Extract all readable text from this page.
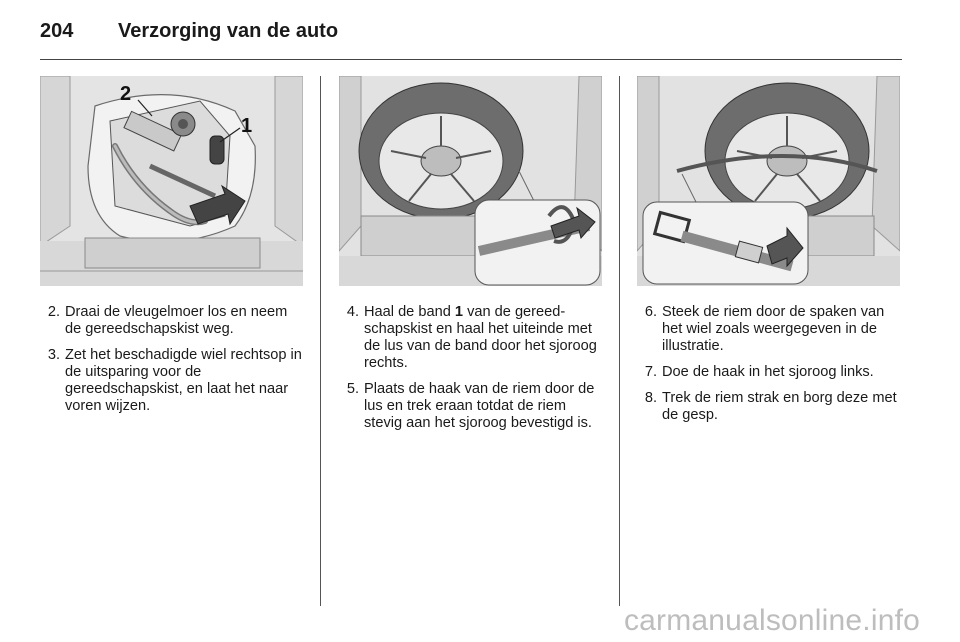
204	Verzorging van de auto
2
1
2. Draai de vleugelmoer los en neem de gereedschapskist weg.
3. Zet het beschadigde wiel rechtsop in de uitsparing voor de gereedschapskist, en laat het naar voren wijzen.
4. Haal de band 1 van de gereedschapskist en haal het uiteinde met de lus van de band door het sjoroog rechts.
5. Plaats de haak van de riem door de lus en trek eraan totdat de riem stevig aan het sjoroog bevestigd is.
6. Steek de riem door de spaken van het wiel zoals weergegeven in de illustratie.
7. Doe de haak in het sjoroog links.
8. Trek de riem strak en borg deze met de gesp.
carmanualsonline.info
